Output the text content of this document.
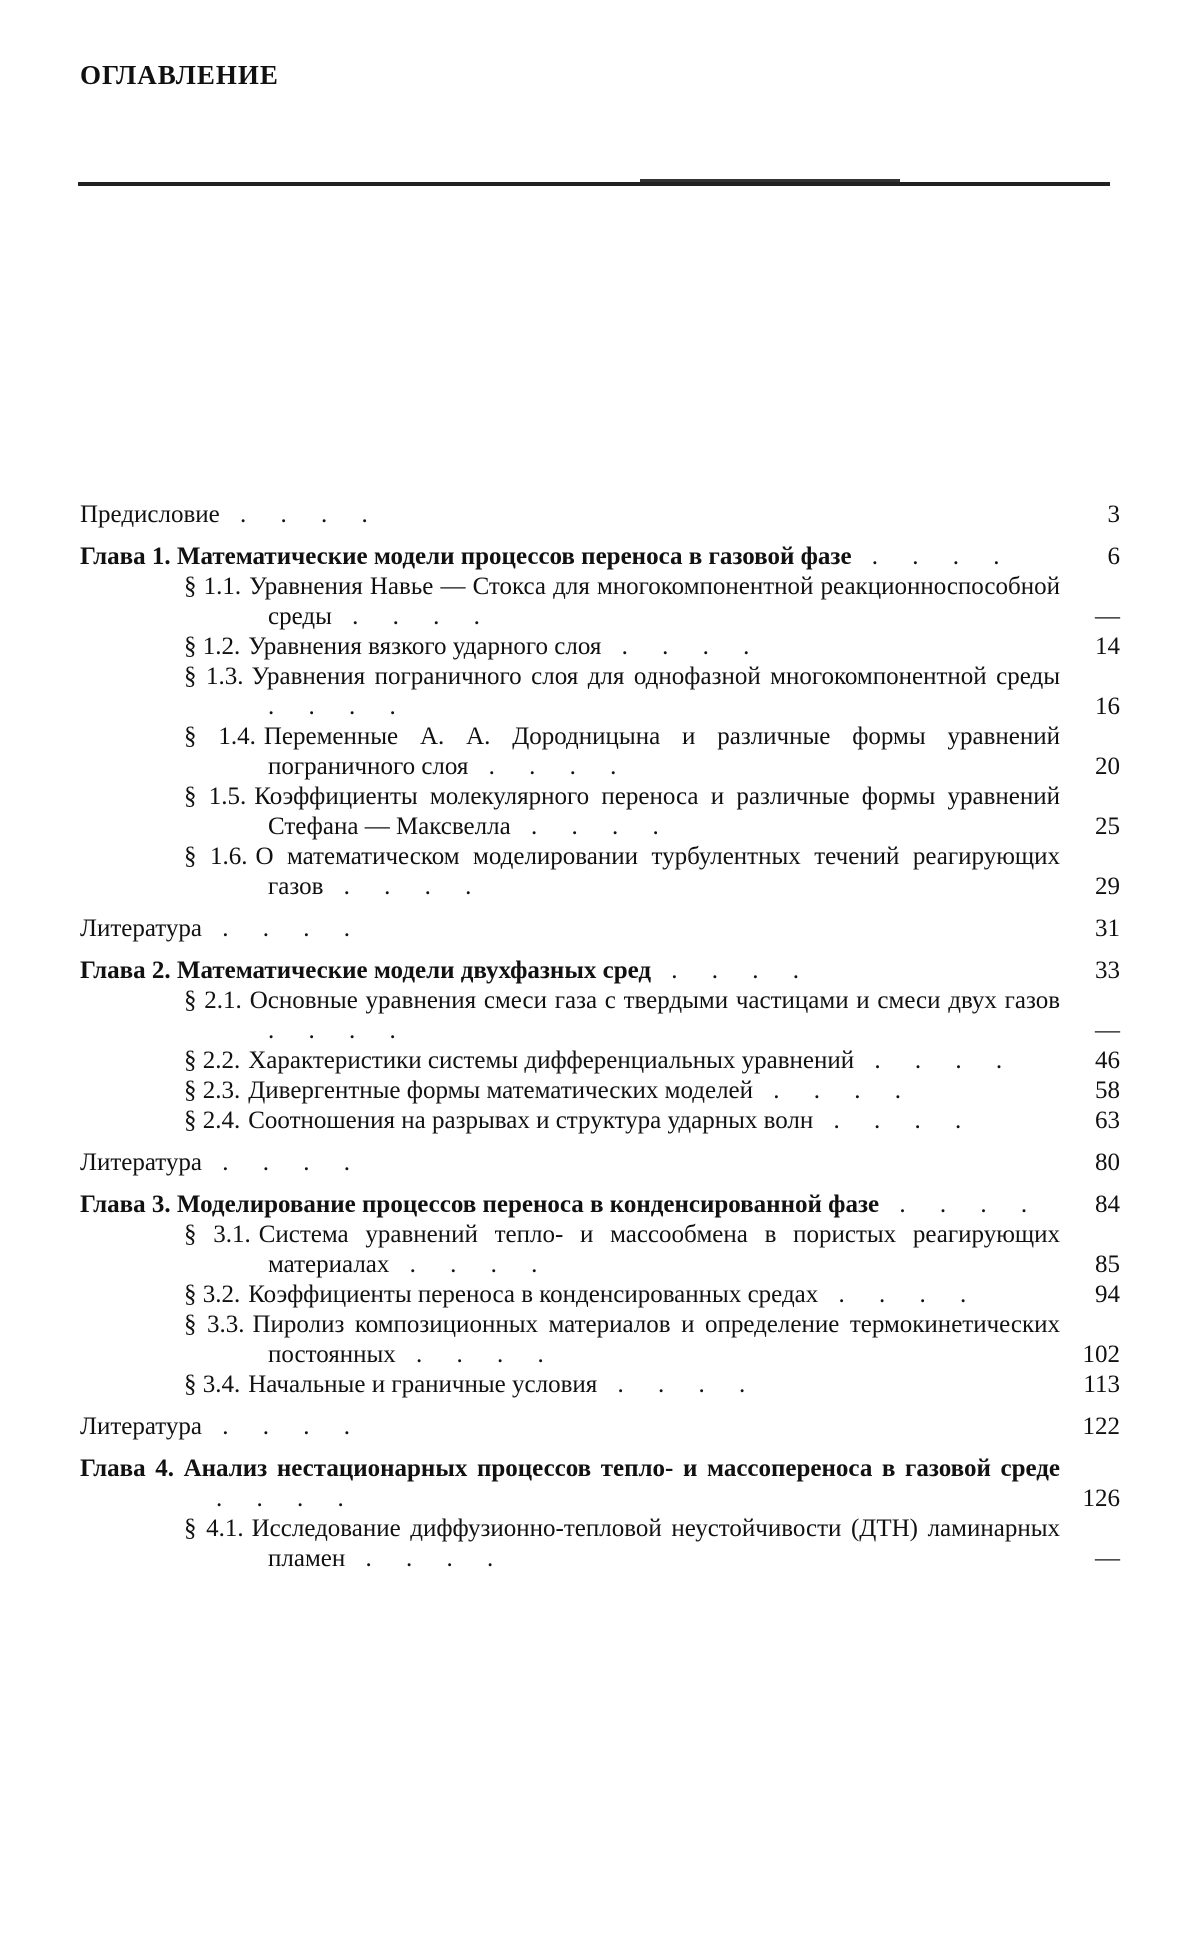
ОГЛАВЛЕНИЕ
Предисловие . . . .	3
Глава 1. Математические модели процессов переноса в газовой фазе . . . .	6
§ 1.1. Уравнения Навье — Стокса для многокомпонентной реакционноспособной среды . . . .	—
§ 1.2. Уравнения вязкого ударного слоя . . . .	14
§ 1.3. Уравнения пограничного слоя для однофазной многокомпонентной среды . . . .	16
§ 1.4. Переменные А. А. Дородницына и различные формы уравнений пограничного слоя . . . .	20
§ 1.5. Коэффициенты молекулярного переноса и различные формы уравнений Стефана — Максвелла . . . .	25
§ 1.6. О математическом моделировании турбулентных течений реагирующих газов . . . .	29
Литература . . . .	31
Глава 2. Математические модели двухфазных сред . . . .	33
§ 2.1. Основные уравнения смеси газа с твердыми частицами и смеси двух газов . . . .	—
§ 2.2. Характеристики системы дифференциальных уравнений . . . .	46
§ 2.3. Дивергентные формы математических моделей . . . .	58
§ 2.4. Соотношения на разрывах и структура ударных волн . . . .	63
Литература . . . .	80
Глава 3. Моделирование процессов переноса в конденсированной фазе . . . .	84
§ 3.1. Система уравнений тепло- и массообмена в пористых реагирующих материалах . . . .	85
§ 3.2. Коэффициенты переноса в конденсированных средах . . . .	94
§ 3.3. Пиролиз композиционных материалов и определение термокинетических постоянных . . . .	102
§ 3.4. Начальные и граничные условия . . . .	113
Литература . . . .	122
Глава 4. Анализ нестационарных процессов тепло- и массопереноса в газовой среде . . . .	126
§ 4.1. Исследование диффузионно-тепловой неустойчивости (ДТН) ламинарных пламен . . . .	—
